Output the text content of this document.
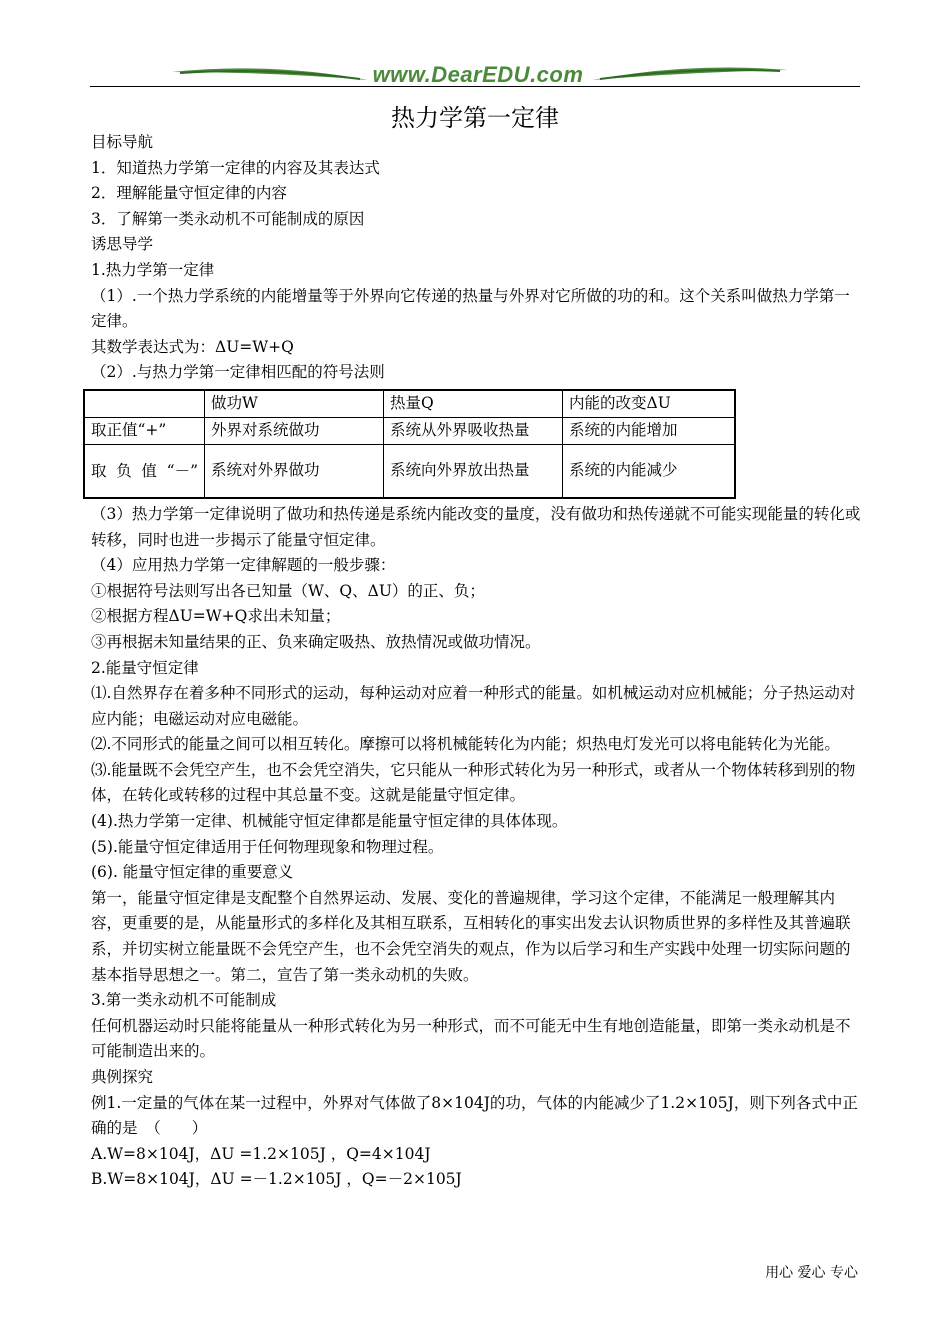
www.DearEDU.com
热力学第一定律

目标导航

1．知道热力学第一定律的内容及其表达式

2．理解能量守恒定律的内容

3．了解第一类永动机不可能制成的原因

诱思导学

1.热力学第一定律

（1）.一个热力学系统的内能增量等于外界向它传递的热量与外界对它所做的功的和。这个关系叫做热力学第一定律。

其数学表达式为：ΔU=W+Q

（2）.与热力学第一定律相匹配的符号法则

	做功W	热量Q	内能的改变ΔU
取正值“+”	外界对系统做功	系统从外界吸收热量	系统的内能增加

取负值“－”	系统对外界做功	系统向外界放出热量	系统的内能减少

（3）热力学第一定律说明了做功和热传递是系统内能改变的量度，没有做功和热传递就不可能实现能量的转化或转移，同时也进一步揭示了能量守恒定律。

（4）应用热力学第一定律解题的一般步骤：

①根据符号法则写出各已知量（W、Q、ΔU）的正、负；

②根据方程ΔU=W+Q求出未知量；

③再根据未知量结果的正、负来确定吸热、放热情况或做功情况。

2.能量守恒定律

⑴.自然界存在着多种不同形式的运动，每种运动对应着一种形式的能量。如机械运动对应机械能；分子热运动对应内能；电磁运动对应电磁能。

⑵.不同形式的能量之间可以相互转化。摩擦可以将机械能转化为内能；炽热电灯发光可以将电能转化为光能。

⑶.能量既不会凭空产生，也不会凭空消失，它只能从一种形式转化为另一种形式，或者从一个物体转移到别的物体，在转化或转移的过程中其总量不变。这就是能量守恒定律。

(4).热力学第一定律、机械能守恒定律都是能量守恒定律的具体体现。

(5).能量守恒定律适用于任何物理现象和物理过程。

(6). 能量守恒定律的重要意义

第一，能量守恒定律是支配整个自然界运动、发展、变化的普遍规律，学习这个定律，不能满足一般理解其内容，更重要的是，从能量形式的多样化及其相互联系，互相转化的事实出发去认识物质世界的多样性及其普遍联系，并切实树立能量既不会凭空产生，也不会凭空消失的观点，作为以后学习和生产实践中处理一切实际问题的基本指导思想之一。第二，宣告了第一类永动机的失败。

3.第一类永动机不可能制成

任何机器运动时只能将能量从一种形式转化为另一种形式，而不可能无中生有地创造能量，即第一类永动机是不可能制造出来的。

典例探究

例1.一定量的气体在某一过程中，外界对气体做了8×104J的功，气体的内能减少了1.2×105J，则下列各式中正确的是　（　　）

A.W=8×104J，ΔU =1.2×105J ，Q=4×104J

B.W=8×104J，ΔU =－1.2×105J ，Q=－2×105J

用心 爱心 专心
